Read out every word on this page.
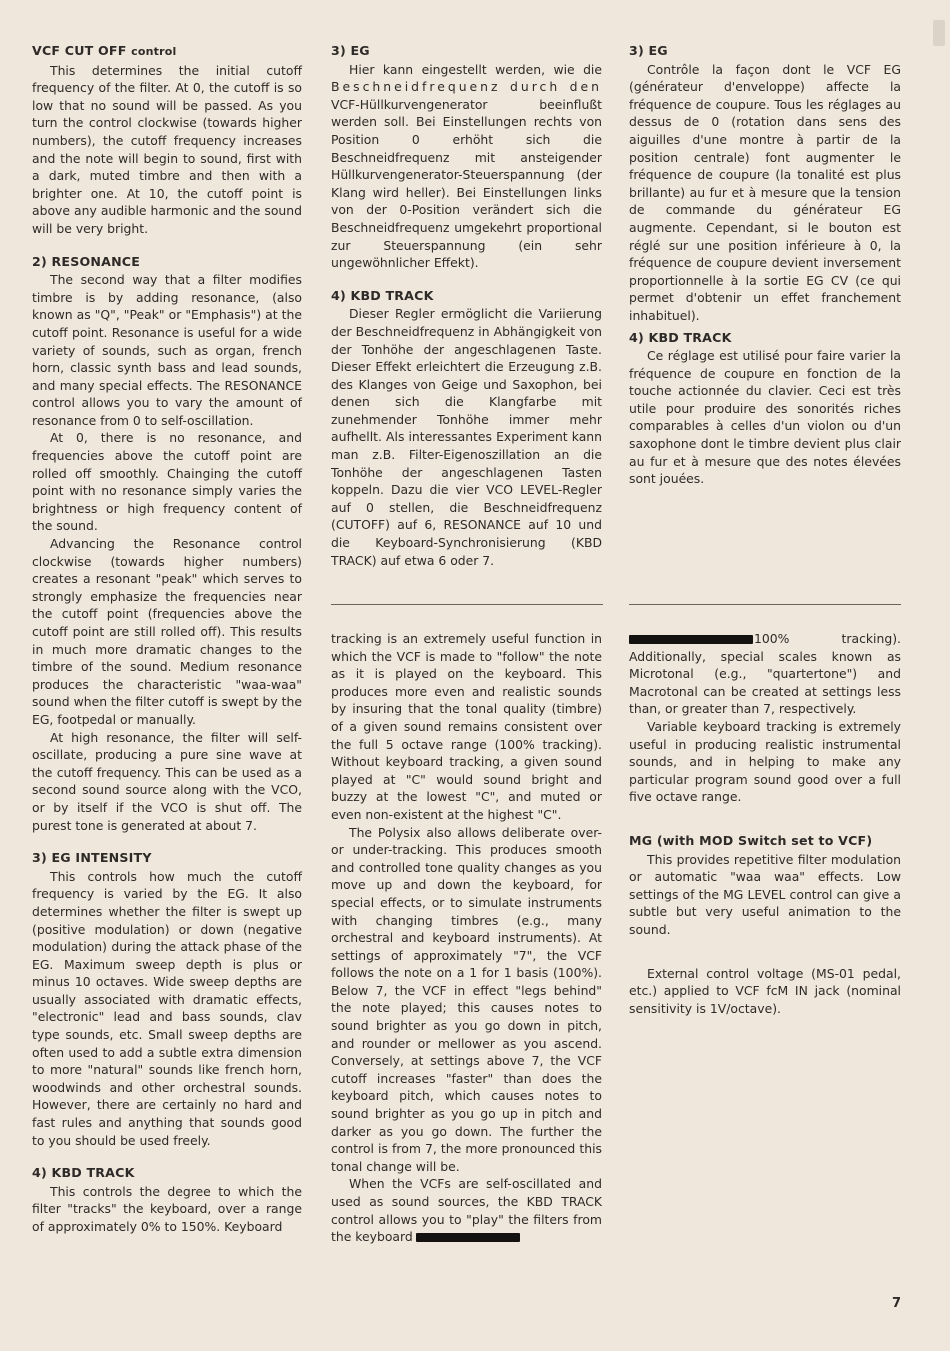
VCF CUT OFF control

This determines the initial cutoff frequency of the filter. At 0, the cutoff is so low that no sound will be passed. As you turn the control clockwise (towards higher numbers), the cutoff frequency increases and the note will begin to sound, first with a dark, muted timbre and then with a brighter one. At 10, the cutoff point is above any audible harmonic and the sound will be very bright.

2) RESONANCE

The second way that a filter modifies timbre is by adding resonance, (also known as "Q", "Peak" or "Emphasis") at the cutoff point. Resonance is useful for a wide variety of sounds, such as organ, french horn, classic synth bass and lead sounds, and many special effects. The RESONANCE control allows you to vary the amount of resonance from 0 to self-oscillation.

At 0, there is no resonance, and frequencies above the cutoff point are rolled off smoothly. Chainging the cutoff point with no resonance simply varies the brightness or high frequency content of the sound.

Advancing the Resonance control clockwise (towards higher numbers) creates a resonant "peak" which serves to strongly emphasize the frequencies near the cutoff point (frequencies above the cutoff point are still rolled off). This results in much more dramatic changes to the timbre of the sound. Medium resonance produces the characteristic "waa-waa" sound when the filter cutoff is swept by the EG, footpedal or manually.

At high resonance, the filter will self-oscillate, producing a pure sine wave at the cutoff frequency. This can be used as a second sound source along with the VCO, or by itself if the VCO is shut off. The purest tone is generated at about 7.

3) EG INTENSITY

This controls how much the cutoff frequency is varied by the EG. It also determines whether the filter is swept up (positive modulation) or down (negative modulation) during the attack phase of the EG. Maximum sweep depth is plus or minus 10 octaves. Wide sweep depths are usually associated with dramatic effects, "electronic" lead and bass sounds, clav type sounds, etc. Small sweep depths are often used to add a subtle extra dimension to more "natural" sounds like french horn, woodwinds and other orchestral sounds. However, there are certainly no hard and fast rules and anything that sounds good to you should be used freely.

4) KBD TRACK

This controls the degree to which the filter "tracks" the keyboard, over a range of approximately 0% to 150%. Keyboard

3) EG

Hier kann eingestellt werden, wie die Beschneidfrequenz durch den VCF-Hüllkurvengenerator beeinflußt werden soll. Bei Einstellungen rechts von Position 0 erhöht sich die Beschneidfrequenz mit ansteigender Hüllkurvengenerator-Steuerspannung (der Klang wird heller). Bei Einstellungen links von der 0-Position verändert sich die Beschneidfrequenz umgekehrt proportional zur Steuerspannung (ein sehr ungewöhnlicher Effekt).

4) KBD TRACK

Dieser Regler ermöglicht die Variierung der Beschneidfrequenz in Abhängigkeit von der Tonhöhe der angeschlagenen Taste. Dieser Effekt erleichtert die Erzeugung z.B. des Klanges von Geige und Saxophon, bei denen sich die Klangfarbe mit zunehmender Tonhöhe immer mehr aufhellt. Als interessantes Experiment kann man z.B. Filter-Eigenoszillation an die Tonhöhe der angeschlagenen Tasten koppeln. Dazu die vier VCO LEVEL-Regler auf 0 stellen, die Beschneidfrequenz (CUTOFF) auf 6, RESONANCE auf 10 und die Keyboard-Synchronisierung (KBD TRACK) auf etwa 6 oder 7.

3) EG

Contrôle la façon dont le VCF EG (générateur d'enveloppe) affecte la fréquence de coupure. Tous les réglages au dessus de 0 (rotation dans sens des aiguilles d'une montre à partir de la position centrale) font augmenter le fréquence de coupure (la tonalité est plus brillante) au fur et à mesure que la tension de commande du générateur EG augmente. Cependant, si le bouton est réglé sur une position inférieure à 0, la fréquence de coupure devient inversement proportionnelle à la sortie EG CV (ce qui permet d'obtenir un effet franchement inhabituel).

4) KBD TRACK

Ce réglage est utilisé pour faire varier la fréquence de coupure en fonction de la touche actionnée du clavier. Ceci est très utile pour produire des sonorités riches comparables à celles d'un violon ou d'un saxophone dont le timbre devient plus clair au fur et à mesure que des notes élevées sont jouées.

tracking is an extremely useful function in which the VCF is made to "follow" the note as it is played on the keyboard. This produces more even and realistic sounds by insuring that the tonal quality (timbre) of a given sound remains consistent over the full 5 octave range (100% tracking). Without keyboard tracking, a given sound played at "C" would sound bright and buzzy at the lowest "C", and muted or even non-existent at the highest "C".

The Polysix also allows deliberate over- or under-tracking. This produces smooth and controlled tone quality changes as you move up and down the keyboard, for special effects, or to simulate instruments with changing timbres (e.g., many orchestral and keyboard instruments). At settings of approximately "7", the VCF follows the note on a 1 for 1 basis (100%). Below 7, the VCF in effect "legs behind" the note played; this causes notes to sound brighter as you go down in pitch, and rounder or mellower as you ascend. Conversely, at settings above 7, the VCF cutoff increases "faster" than does the keyboard pitch, which causes notes to sound brighter as you go up in pitch and darker as you go down. The further the control is from 7, the more pronounced this tonal change will be.

When the VCFs are self-oscillated and used as sound sources, the KBD TRACK control allows you to "play" the filters from the keyboard

100% tracking). Additionally, special scales known as Microtonal (e.g., "quartertone") and Macrotonal can be created at settings less than, or greater than 7, respectively.

Variable keyboard tracking is extremely useful in producing realistic instrumental sounds, and in helping to make any particular program sound good over a full five octave range.

MG (with MOD Switch set to VCF)

This provides repetitive filter modulation or automatic "waa waa" effects. Low settings of the MG LEVEL control can give a subtle but very useful animation to the sound.

External control voltage (MS-01 pedal, etc.) applied to VCF fcM IN jack (nominal sensitivity is 1V/octave).

7
